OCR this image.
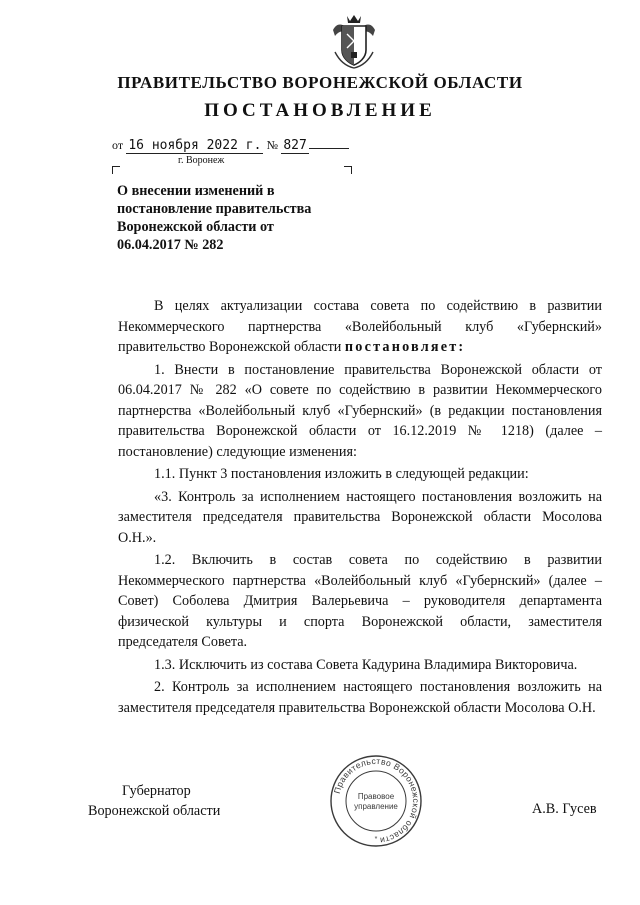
ПРАВИТЕЛЬСТВО ВОРОНЕЖСКОЙ ОБЛАСТИ
ПОСТАНОВЛЕНИЕ
от 16 ноября 2022 г. № 827
г. Воронеж
О внесении изменений в
постановление правительства
Воронежской области от
06.04.2017 № 282

В целях актуализации состава совета по содействию в развитии Некоммерческого партнерства «Волейбольный клуб «Губернский» правительство Воронежской области постановляет:

1. Внести в постановление правительства Воронежской области от 06.04.2017 № 282 «О совете по содействию в развитии Некоммерческого партнерства «Волейбольный клуб «Губернский» (в редакции постановления правительства Воронежской области от 16.12.2019 № 1218) (далее – постановление) следующие изменения:

1.1. Пункт 3 постановления изложить в следующей редакции:

«3. Контроль за исполнением настоящего постановления возложить на заместителя председателя правительства Воронежской области Мосолова О.Н.».

1.2. Включить в состав совета по содействию в развитии Некоммерческого партнерства «Волейбольный клуб «Губернский» (далее – Совет) Соболева Дмитрия Валерьевича – руководителя департамента физической культуры и спорта Воронежской области, заместителя председателя Совета.

1.3. Исключить из состава Совета Кадурина Владимира Викторовича.

2. Контроль за исполнением настоящего постановления возложить на заместителя председателя правительства Воронежской области Мосолова О.Н.

Губернатор
Воронежской области	А.В. Гусев
Правительство Воронежской области
Правовое
управление
*
